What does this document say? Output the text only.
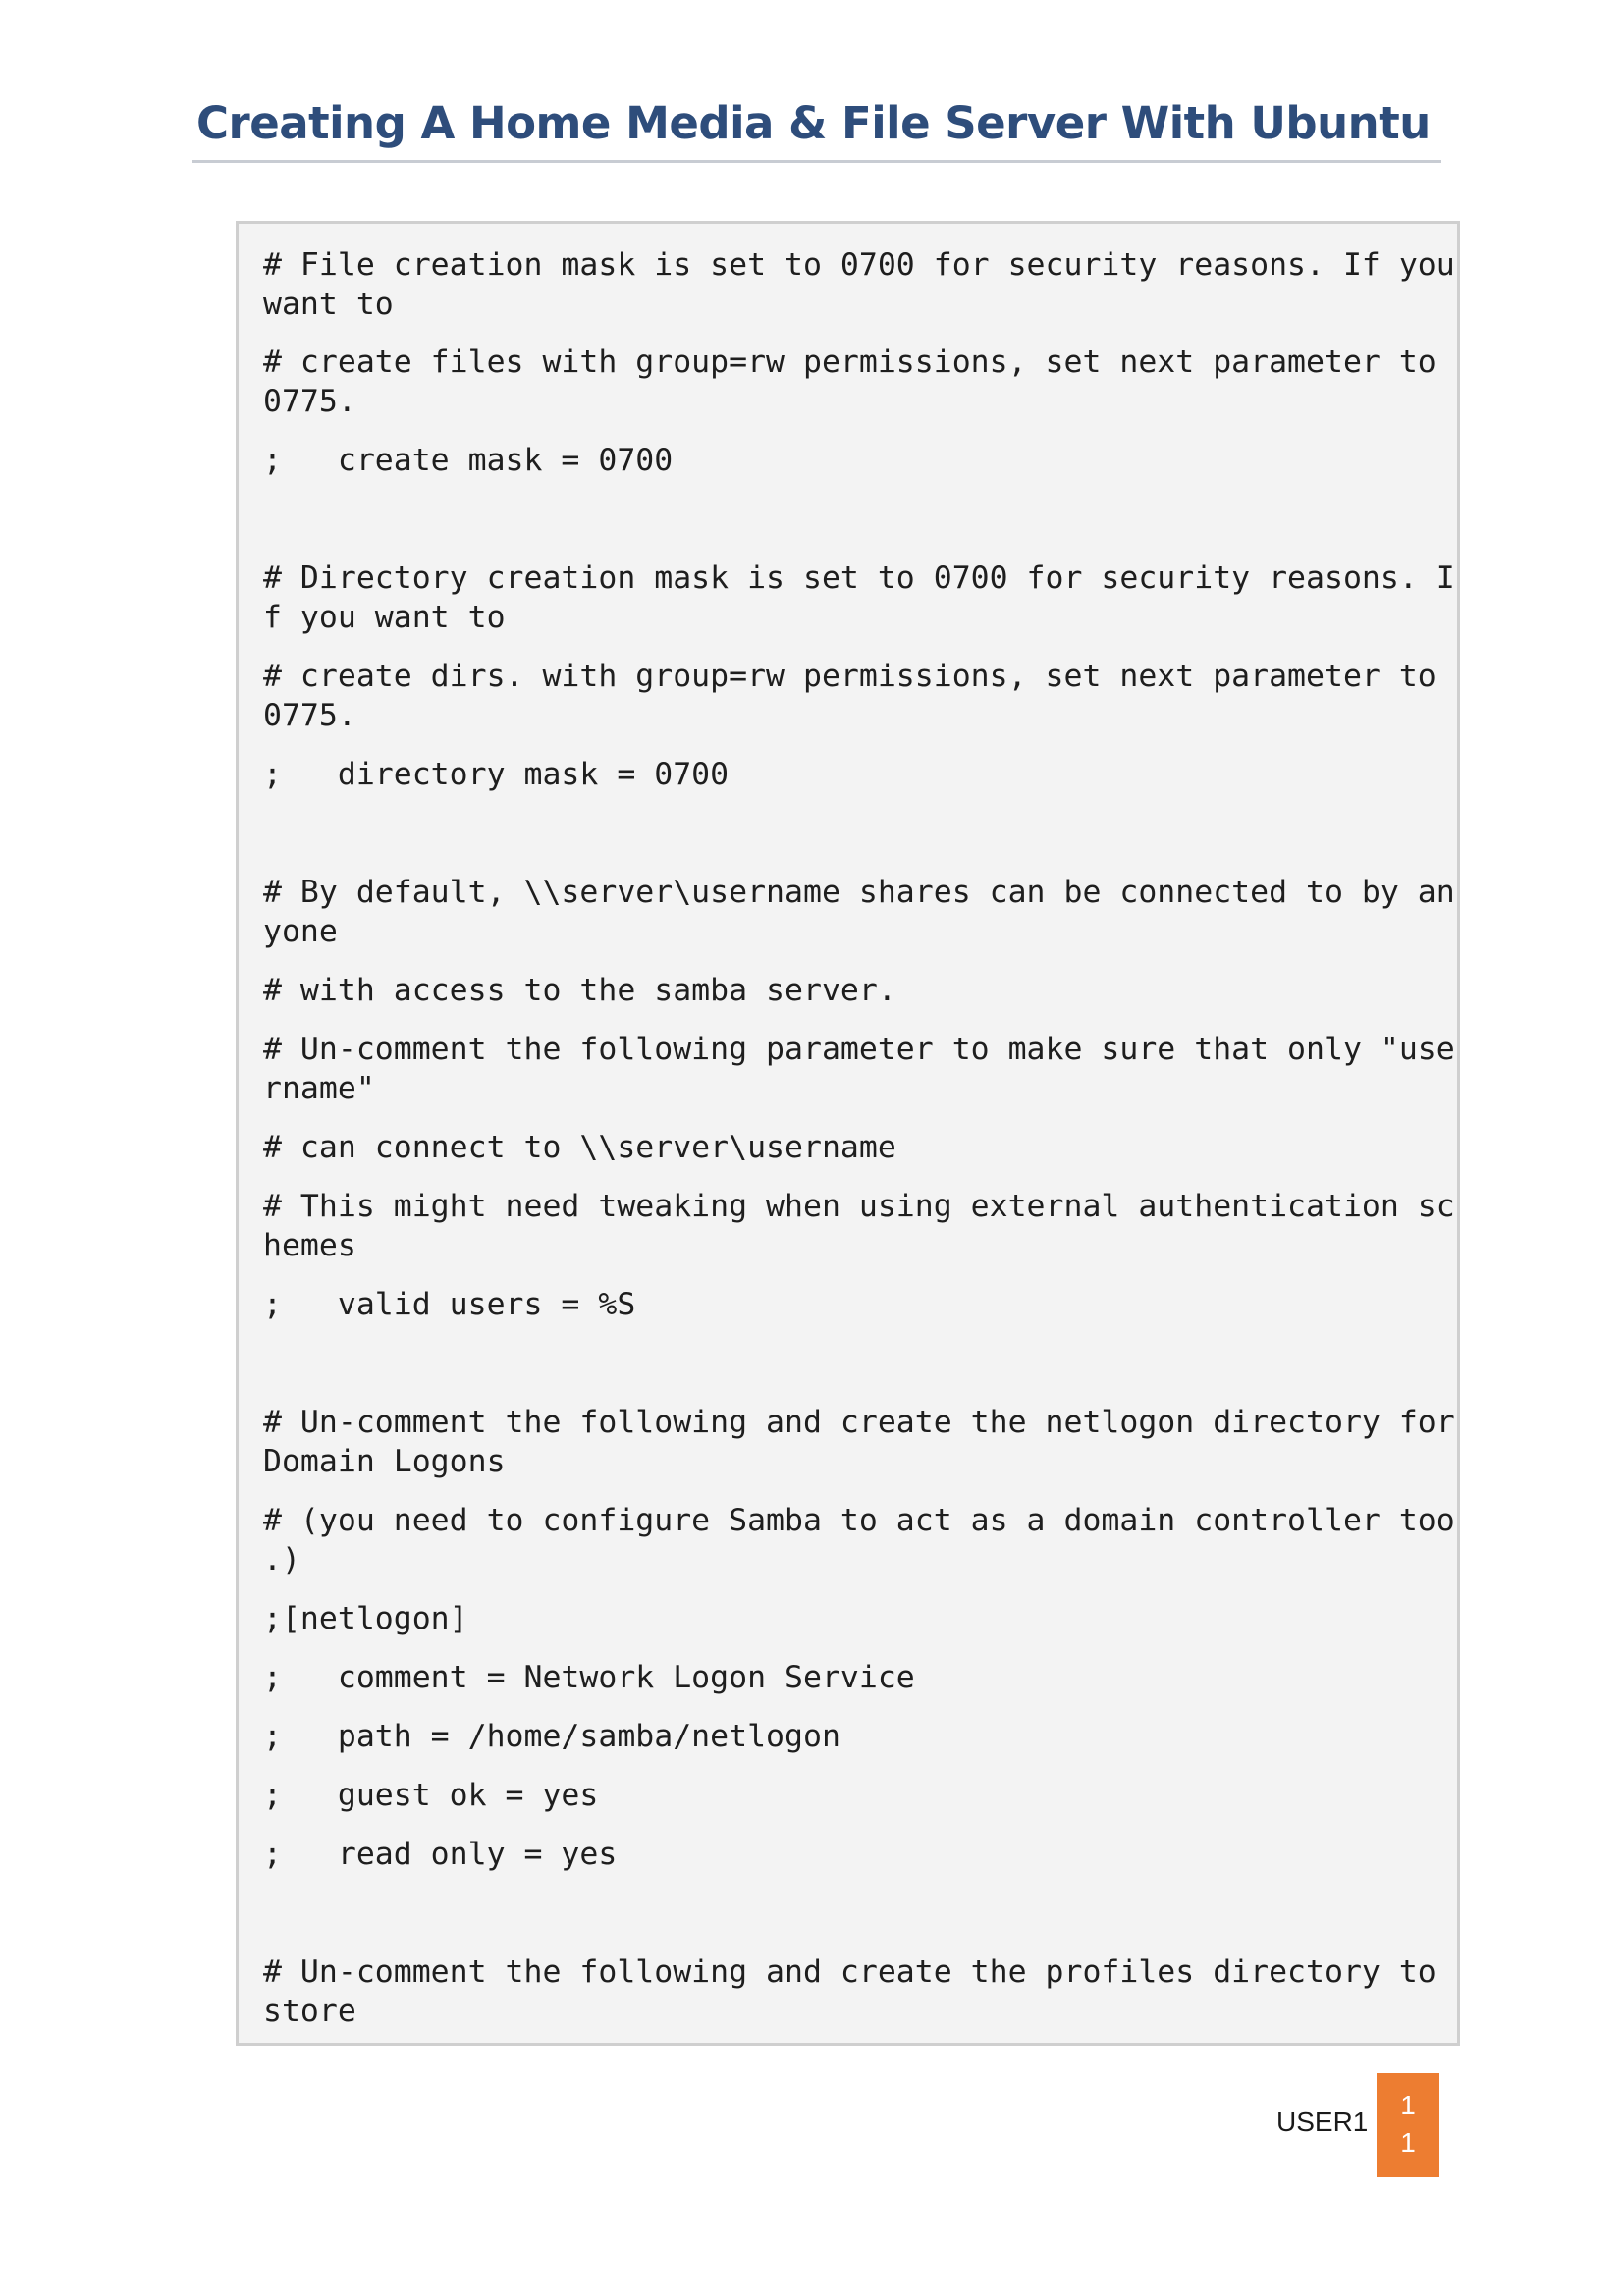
Creating A Home Media & File Server With Ubuntu

# File creation mask is set to 0700 for security reasons. If you

want to

# create files with group=rw permissions, set next parameter to

0775.

;   create mask = 0700

# Directory creation mask is set to 0700 for security reasons. I

f you want to

# create dirs. with group=rw permissions, set next parameter to

0775.

;   directory mask = 0700

# By default, \\server\username shares can be connected to by an

yone

# with access to the samba server.

# Un-comment the following parameter to make sure that only "use

rname"

# can connect to \\server\username

# This might need tweaking when using external authentication sc

hemes

;   valid users = %S

# Un-comment the following and create the netlogon directory for

Domain Logons

# (you need to configure Samba to act as a domain controller too

.)

;[netlogon]

;   comment = Network Logon Service

;   path = /home/samba/netlogon

;   guest ok = yes

;   read only = yes

# Un-comment the following and create the profiles directory to

store

USER1
1
1
